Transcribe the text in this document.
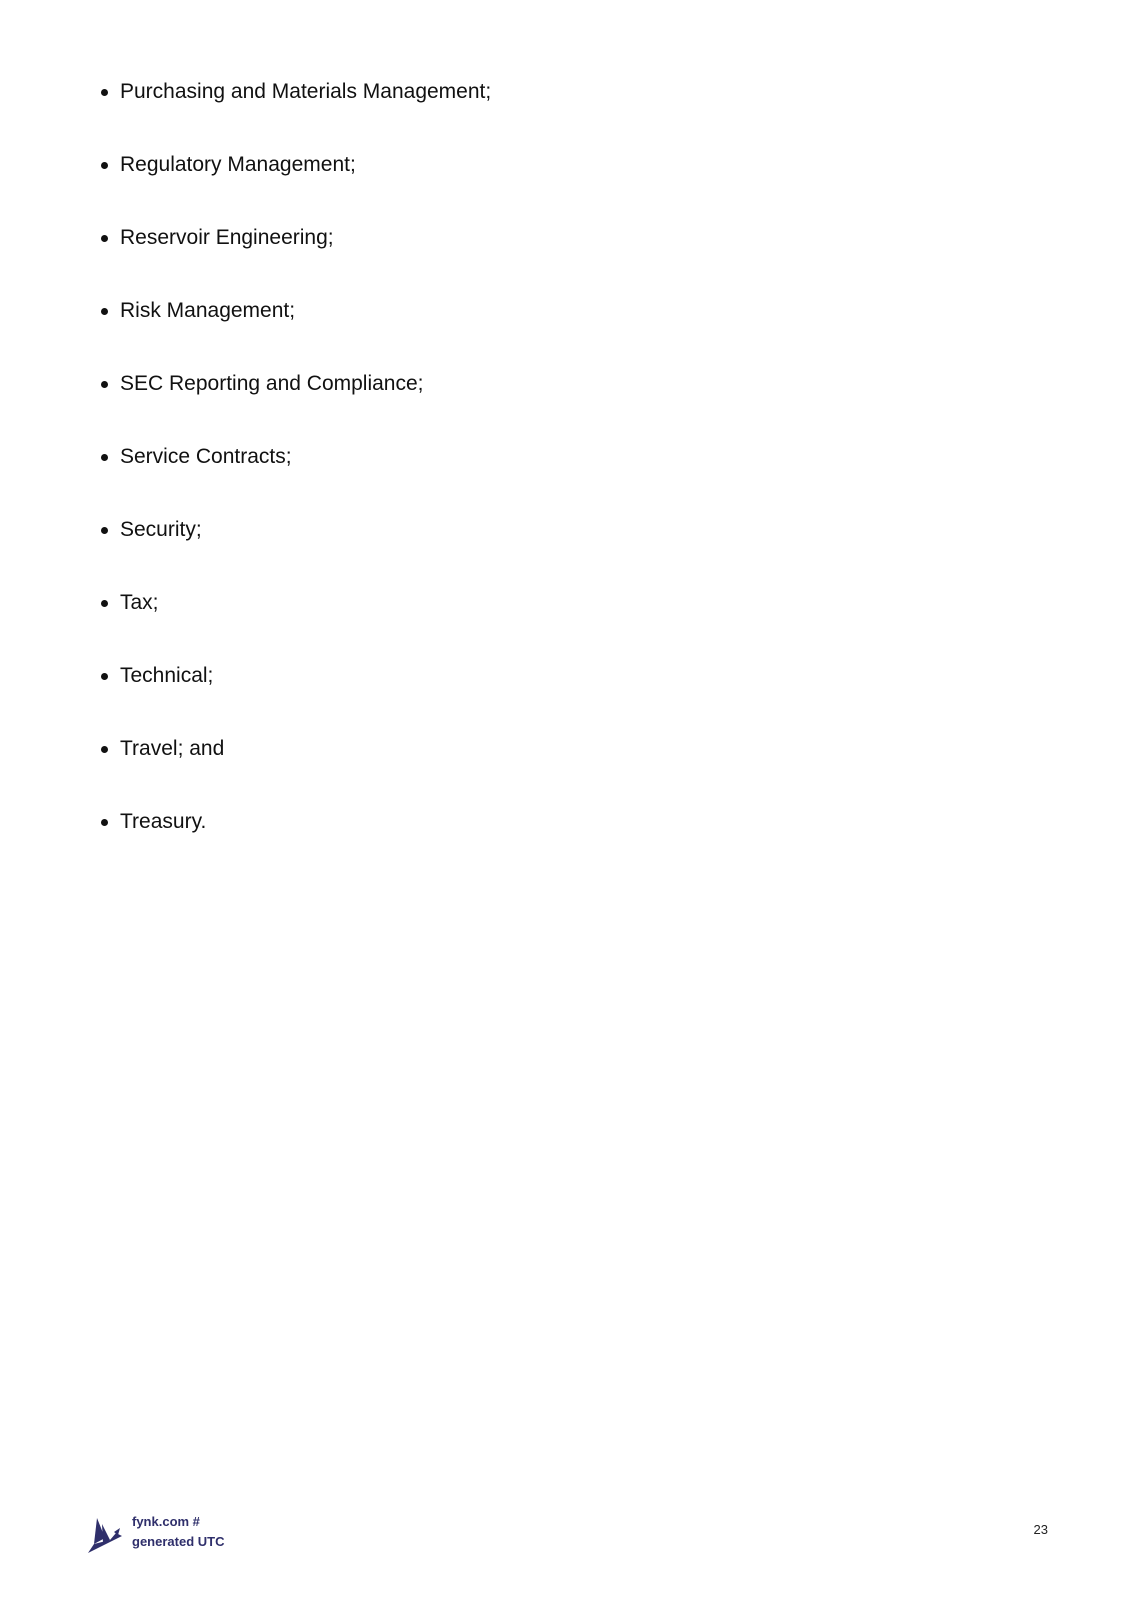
Purchasing and Materials Management;
Regulatory Management;
Reservoir Engineering;
Risk Management;
SEC Reporting and Compliance;
Service Contracts;
Security;
Tax;
Technical;
Travel; and
Treasury.
fynk.com #
generated UTC
23
